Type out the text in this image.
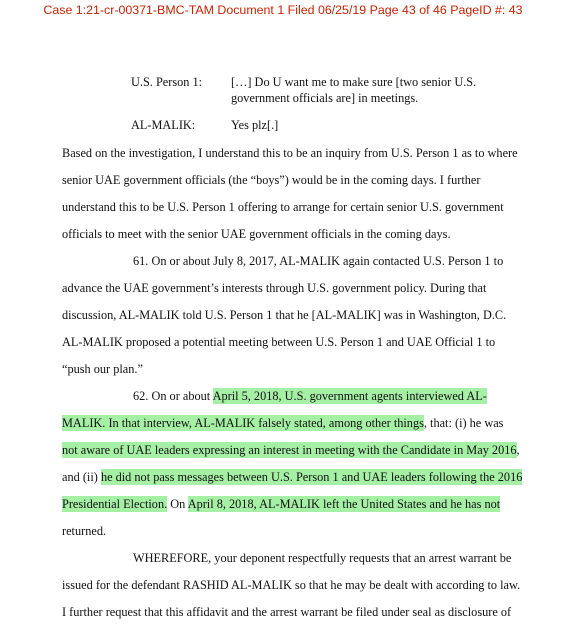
Case 1:21-cr-00371-BMC-TAM Document 1 Filed 06/25/19 Page 43 of 46 PageID #: 43
U.S. Person 1: […] Do U want me to make sure [two senior U.S.
government officials are] in meetings.
AL-MALIK:	Yes plz[.]
Based on the investigation, I understand this to be an inquiry from U.S. Person 1 as to where
senior UAE government officials (the “boys”) would be in the coming days. I further
understand this to be U.S. Person 1 offering to arrange for certain senior U.S. government
officials to meet with the senior UAE government officials in the coming days.
61. On or about July 8, 2017, AL-MALIK again contacted U.S. Person 1 to
advance the UAE government’s interests through U.S. government policy. During that
discussion, AL-MALIK told U.S. Person 1 that he [AL-MALIK] was in Washington, D.C.
AL-MALIK proposed a potential meeting between U.S. Person 1 and UAE Official 1 to
“push our plan.”
62. On or about April 5, 2018, U.S. government agents interviewed AL-
MALIK. In that interview, AL-MALIK falsely stated, among other things, that: (i) he was
not aware of UAE leaders expressing an interest in meeting with the Candidate in May 2016,
and (ii) he did not pass messages between U.S. Person 1 and UAE leaders following the 2016
Presidential Election. On April 8, 2018, AL-MALIK left the United States and he has not
returned.
WHEREFORE, your deponent respectfully requests that an arrest warrant be
issued for the defendant RASHID AL-MALIK so that he may be dealt with according to law.
I further request that this affidavit and the arrest warrant be filed under seal as disclosure of
